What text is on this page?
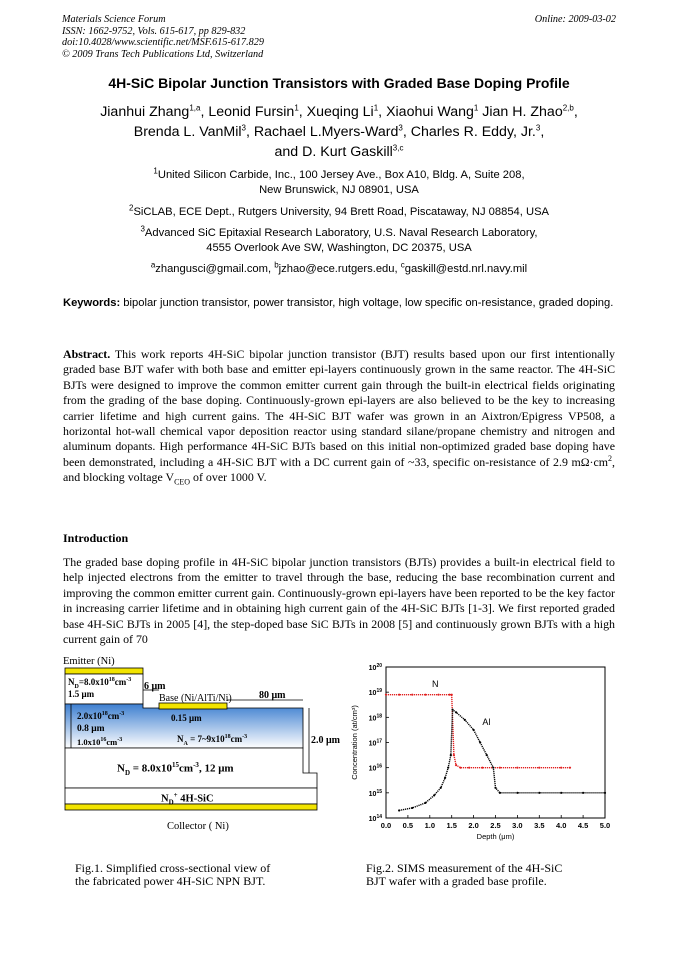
Materials Science Forum
ISSN: 1662-9752, Vols. 615-617, pp 829-832
doi:10.4028/www.scientific.net/MSF.615-617.829
© 2009 Trans Tech Publications Ltd, Switzerland
Online: 2009-03-02
4H-SiC Bipolar Junction Transistors with Graded Base Doping Profile
Jianhui Zhang$^{1,a}$, Leonid Fursin$^1$, Xueqing Li$^1$, Xiaohui Wang$^1$ Jian H. Zhao$^{2,b}$,
Brenda L. VanMil$^3$, Rachael L.Myers-Ward$^3$, Charles R. Eddy, Jr.$^3$,
and D. Kurt Gaskill$^{3,c}$
$^1$United Silicon Carbide, Inc., 100 Jersey Ave., Box A10, Bldg. A, Suite 208,
New Brunswick, NJ 08901, USA
$^2$SiCLAB, ECE Dept., Rutgers University, 94 Brett Road, Piscataway, NJ 08854, USA
$^3$Advanced SiC Epitaxial Research Laboratory, U.S. Naval Research Laboratory,
4555 Overlook Ave SW, Washington, DC 20375, USA
$^a$zhangusci@gmail.com, $^b$jzhao@ece.rutgers.edu, $^c$gaskill@estd.nrl.navy.mil
Keywords: bipolar junction transistor, power transistor, high voltage, low specific on-resistance, graded doping.
Abstract. This work reports 4H-SiC bipolar junction transistor (BJT) results based upon our first intentionally graded base BJT wafer with both base and emitter epi-layers continuously grown in the same reactor. The 4H-SiC BJTs were designed to improve the common emitter current gain through the built-in electrical fields originating from the grading of the base doping. Continuously-grown epi-layers are also believed to be the key to increasing carrier lifetime and high current gains. The 4H-SiC BJT wafer was grown in an Aixtron/Epigress VP508, a horizontal hot-wall chemical vapor deposition reactor using standard silane/propane chemistry and nitrogen and aluminum dopants. High performance 4H-SiC BJTs based on this initial non-optimized graded base doping have been demonstrated, including a 4H-SiC BJT with a DC current gain of ~33, specific on-resistance of 2.9 $m\Omega\cdot cm^2$, and blocking voltage $V_{CEO}$ of over 1000 V.
Introduction
The graded base doping profile in 4H-SiC bipolar junction transistors (BJTs) provides a built-in electrical field to help injected electrons from the emitter to travel through the base, reducing the base recombination current and improving the common emitter current gain. Continuously-grown epi-layers have been reported to be the key factor in increasing carrier lifetime and in obtaining high current gain of the 4H-SiC BJTs [1-3]. We first reported graded base 4H-SiC BJTs in 2005 [4], the step-doped base SiC BJTs in 2008 [5] and continuously grown BJTs with a high current gain of 70
Emitter (Ni)
$N_D=8.0x10^{18}cm^{-3}$
1.5 μm
6 μm
Base (Ni/AlTi/Ni)	80 μm
$2.0x10^{18}cm^{-3}$	0.15 μm
0.8 μm
$1.0x10^{16}cm^{-3}$	$N_A$ = $7\sim 9x10^{18}cm^{-3}$	2.0 μm
$N_D = 8.0x10^{15}cm^{-3}$, 12 μm
$N_D^+$ 4H-SiC
Collector ( Ni)	0.0 0.5 1.0 1.5 2.0 2.5 3.0 3.5 4.0 4.5 5.0
$10^{14}$
$10^{15}$
$10^{16}$
$10^{17}$
$10^{18}$
$10^{19}$
$10^{20}$
Depth (μm)
Concentration (at/cm³)
N
Al
Fig.1. Simplified cross-sectional view of
the fabricated power 4H-SiC NPN BJT.
Fig.2. SIMS measurement of the 4H-SiC
BJT wafer with a graded base profile.
